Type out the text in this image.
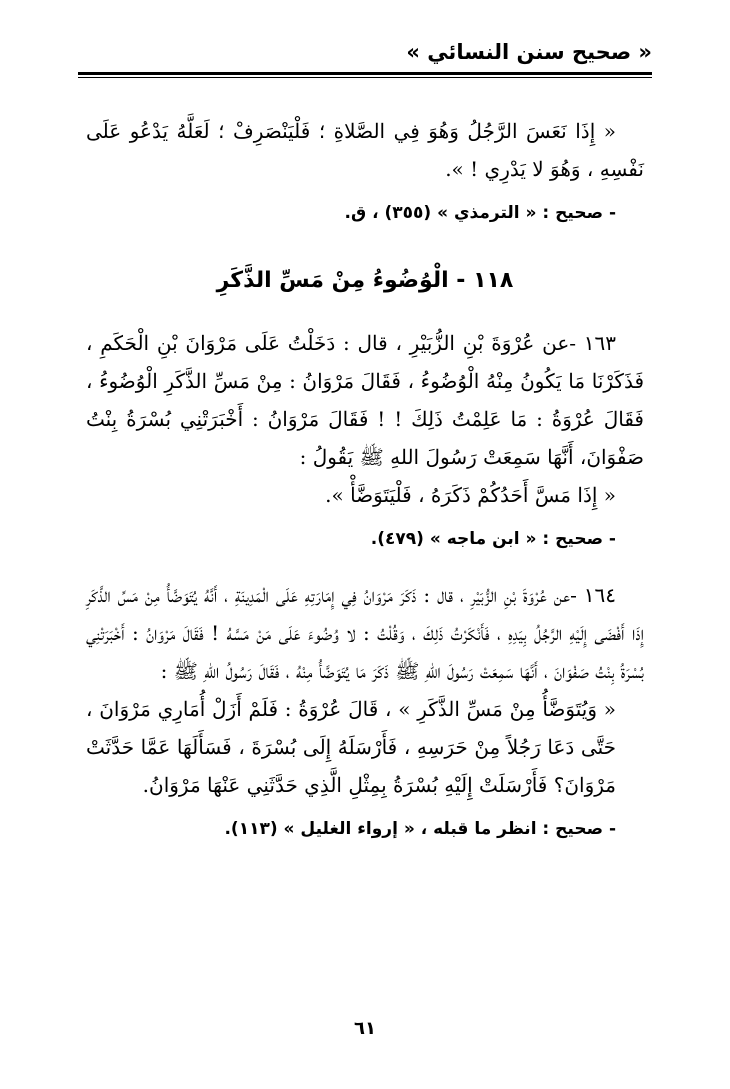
« صحيح سنن النسائي »

« إِذَا نَعَسَ الرَّجُلُ وَهُوَ فِي الصَّلاةِ ؛ فَلْيَنْصَرِفْ ؛ لَعَلَّهُ يَدْعُو عَلَى نَفْسِهِ ، وَهُوَ لا يَدْرِي ! ».

- صحيح : « الترمذي » (٣٥٥) ، ق.

١١٨ - الْوُضُوءُ مِنْ مَسِّ الذَّكَرِ

١٦٣ -عن عُرْوَةَ بْنِ الزُّبَيْرِ ، قال : دَخَلْتُ عَلَى مَرْوَانَ بْنِ الْحَكَمِ ، فَذَكَرْنَا مَا يَكُونُ مِنْهُ الْوُضُوءُ ، فَقَالَ مَرْوَانُ : مِنْ مَسِّ الذَّكَرِ الْوُضُوءُ ، فَقَالَ عُرْوَةُ : مَا عَلِمْتُ ذَلِكَ ! ! فَقَالَ مَرْوَانُ : أَخْبَرَتْنِي بُسْرَةُ بِنْتُ صَفْوَانَ، أَنَّهَا سَمِعَتْ رَسُولَ اللهِ ﷺ يَقُولُ :

« إِذَا مَسَّ أَحَدُكُمْ ذَكَرَهُ ، فَلْيَتَوَضَّأْ ».

- صحيح : « ابن ماجه » (٤٧٩).

١٦٤ -عن عُرْوَةَ بْنِ الزُّبَيْرِ ، قال : ذَكَرَ مَرْوَانُ فِي إِمَارَتِهِ عَلَى الْمَدِينَةِ ، أَنَّهُ يُتَوَضَّأُ مِنْ مَسِّ الذَّكَرِ إِذَا أَفْضَى إِلَيْهِ الرَّجُلُ بِيَدِهِ ، فَأَنْكَرْتُ ذَلِكَ ، وَقُلْتُ : لا وُضُوءَ عَلَى مَنْ مَسَّهُ ! فَقَالَ مَرْوَانُ : أَخْبَرَتْنِي بُسْرَةُ بِنْتُ صَفْوَانَ ، أَنَّهَا سَمِعَتْ رَسُولَ اللهِ ﷺ ذَكَرَ مَا يُتَوَضَّأُ مِنْهُ ، فَقَالَ رَسُولُ اللهِ ﷺ :

« وَيُتَوَضَّأُ مِنْ مَسِّ الذَّكَرِ » ، قَالَ عُرْوَةُ : فَلَمْ أَزَلْ أُمَارِي مَرْوَانَ ، حَتَّى دَعَا رَجُلاً مِنْ حَرَسِهِ ، فَأَرْسَلَهُ إِلَى بُسْرَةَ ، فَسَأَلَهَا عَمَّا حَدَّثَتْ مَرْوَانَ؟ فَأَرْسَلَتْ إِلَيْهِ بُسْرَةُ بِمِثْلِ الَّذِي حَدَّثَنِي عَنْهَا مَرْوَانُ.

- صحيح : انظر ما قبله ، « إرواء الغليل » (١١٣).

٦١
